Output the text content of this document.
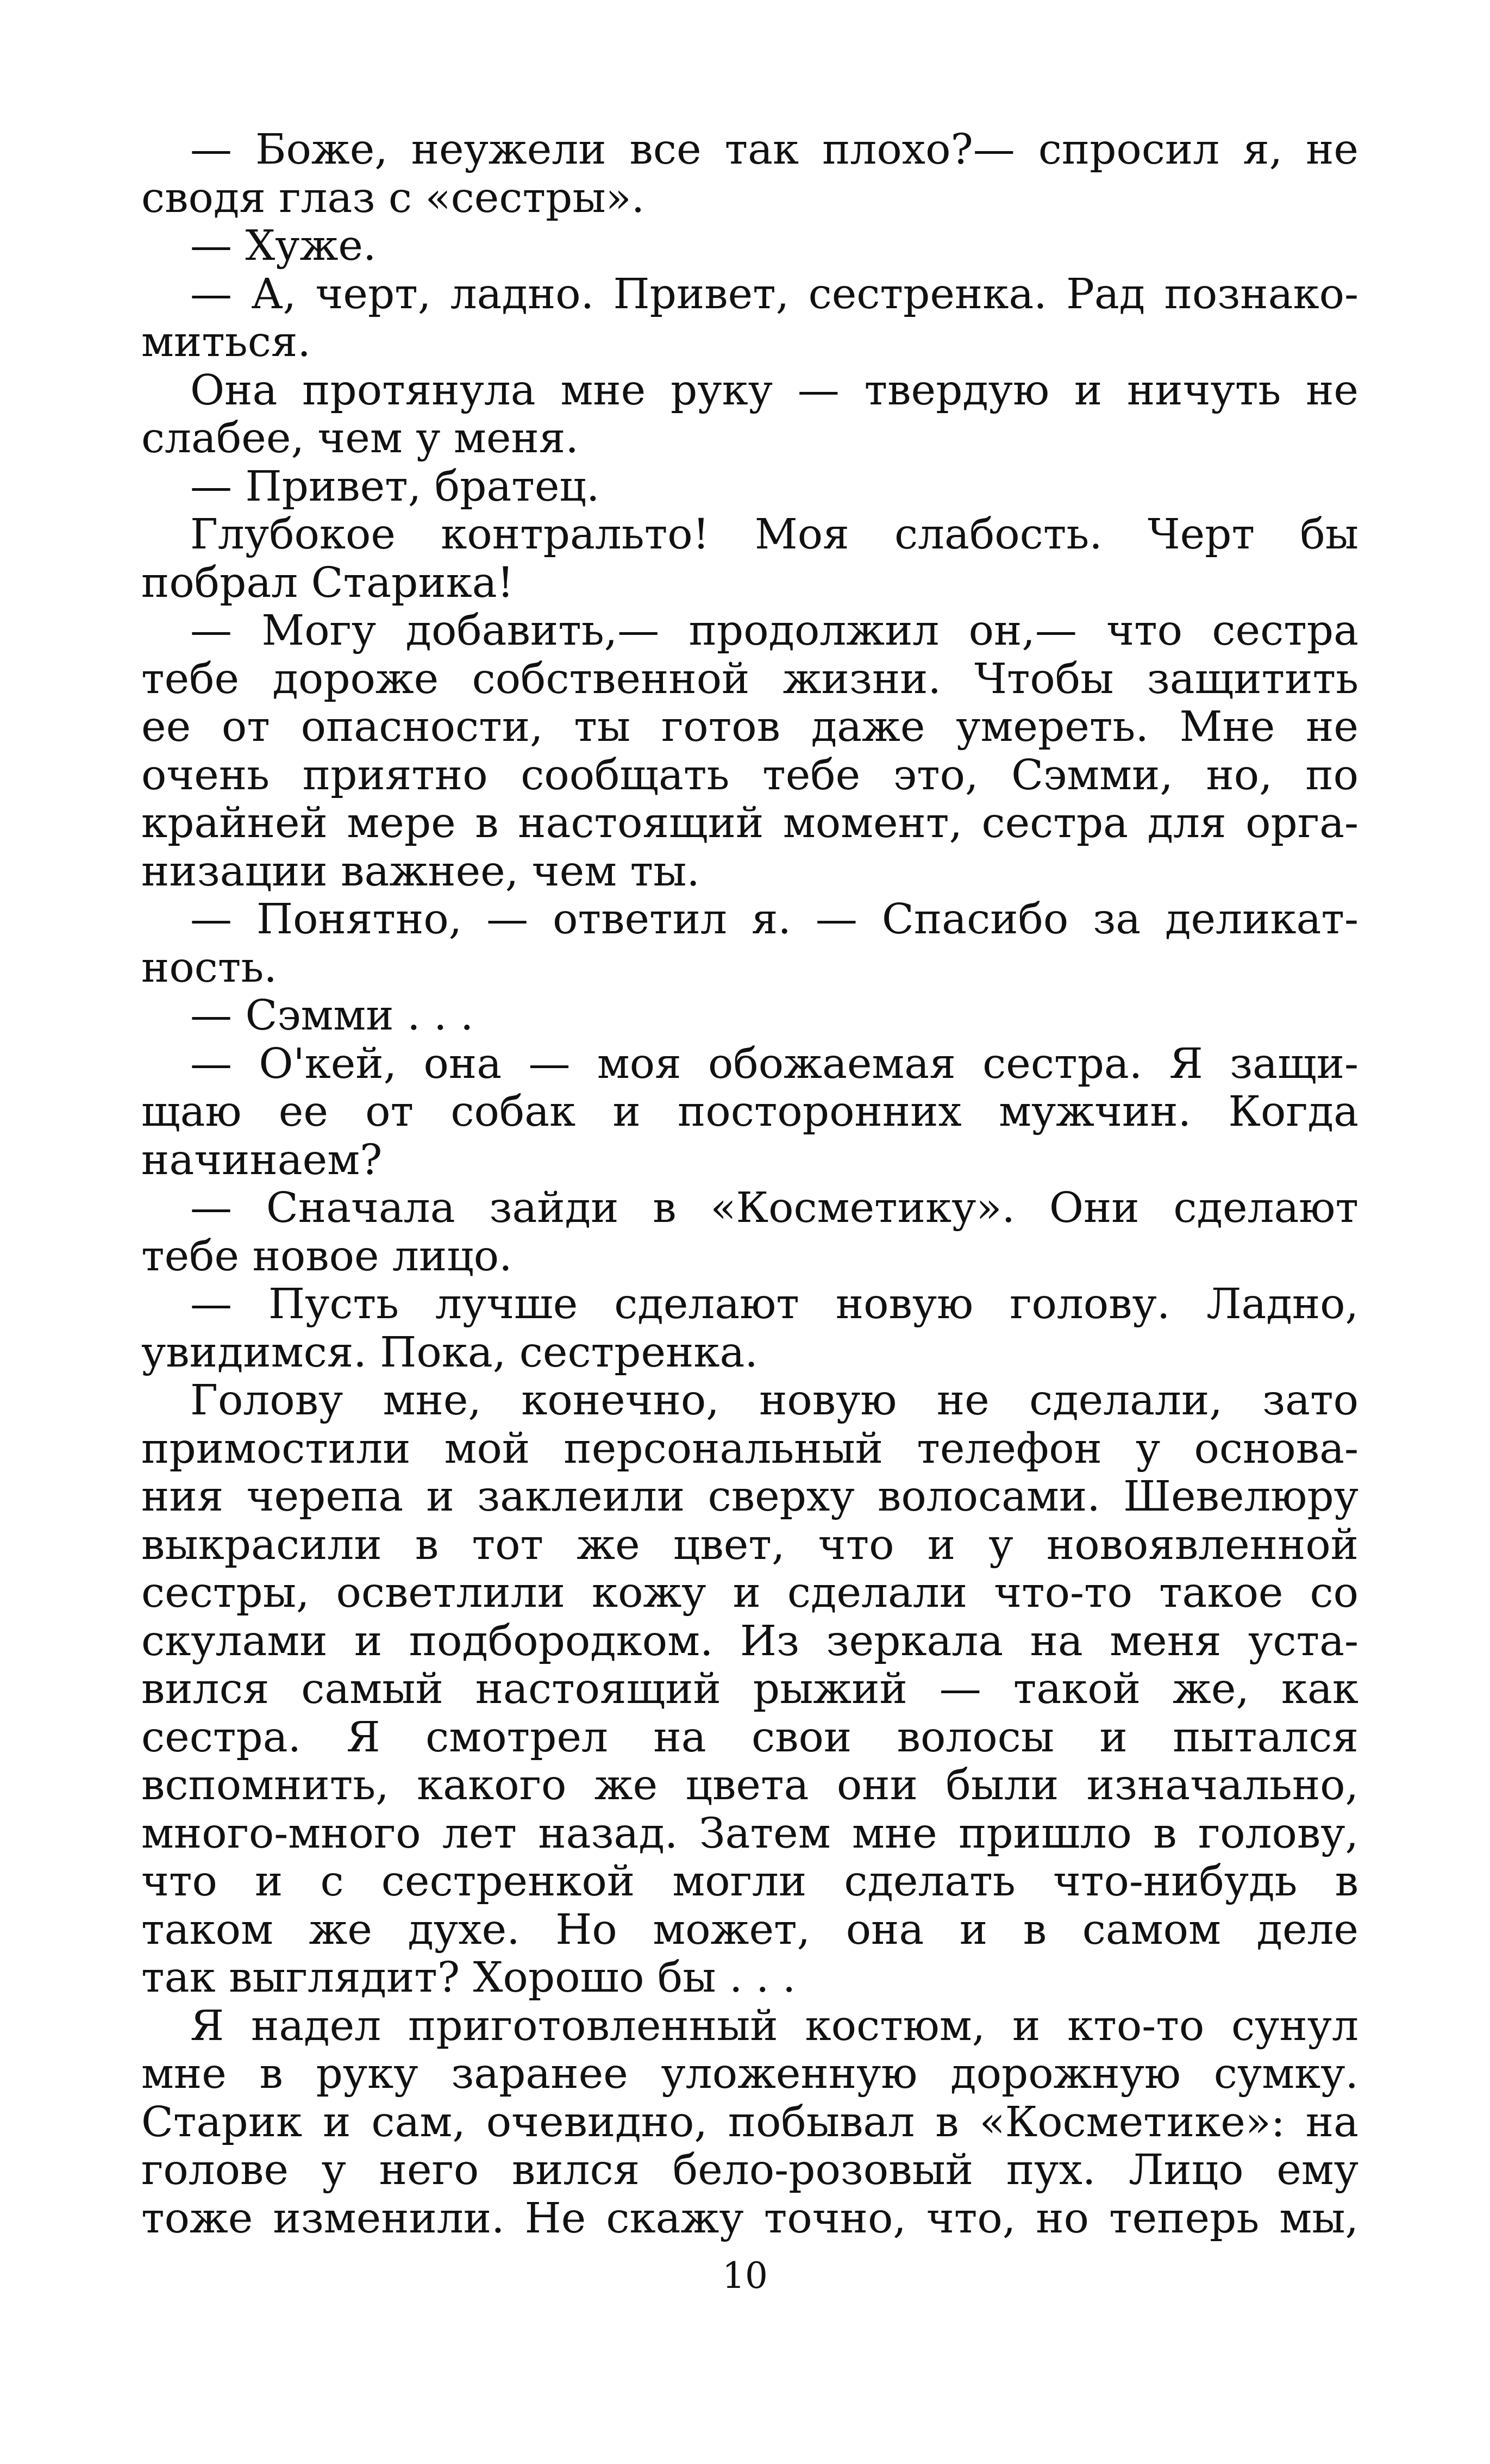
— Боже, неужели все так плохо?— спросил я, не
сводя глаз с «сестры».
— Хуже.
— А, черт, ладно. Привет, сестренка. Рад познако-
миться.
Она протянула мне руку — твердую и ничуть не
слабее, чем у меня.
— Привет, братец.
Глубокое контральто! Моя слабость. Черт бы
побрал Старика!
— Могу добавить,— продолжил он,— что сестра
тебе дороже собственной жизни. Чтобы защитить
ее от опасности, ты готов даже умереть. Мне не
очень приятно сообщать тебе это, Сэмми, но, по
крайней мере в настоящий момент, сестра для орга-
низации важнее, чем ты.
— Понятно, — ответил я. — Спасибо за деликат-
ность.
— Сэмми . . .
— О'кей, она — моя обожаемая сестра. Я защи-
щаю ее от собак и посторонних мужчин. Когда
начинаем?
— Сначала зайди в «Косметику». Они сделают
тебе новое лицо.
— Пусть лучше сделают новую голову. Ладно,
увидимся. Пока, сестренка.
Голову мне, конечно, новую не сделали, зато
примостили мой персональный телефон у основа-
ния черепа и заклеили сверху волосами. Шевелюру
выкрасили в тот же цвет, что и у новоявленной
сестры, осветлили кожу и сделали что-то такое со
скулами и подбородком. Из зеркала на меня уста-
вился самый настоящий рыжий — такой же, как
сестра. Я смотрел на свои волосы и пытался
вспомнить, какого же цвета они были изначально,
много-много лет назад. Затем мне пришло в голову,
что и с сестренкой могли сделать что-нибудь в
таком же духе. Но может, она и в самом деле
так выглядит? Хорошо бы . . .
Я надел приготовленный костюм, и кто-то сунул
мне в руку заранее уложенную дорожную сумку.
Старик и сам, очевидно, побывал в «Косметике»: на
голове у него вился бело-розовый пух. Лицо ему
тоже изменили. Не скажу точно, что, но теперь мы,
10
